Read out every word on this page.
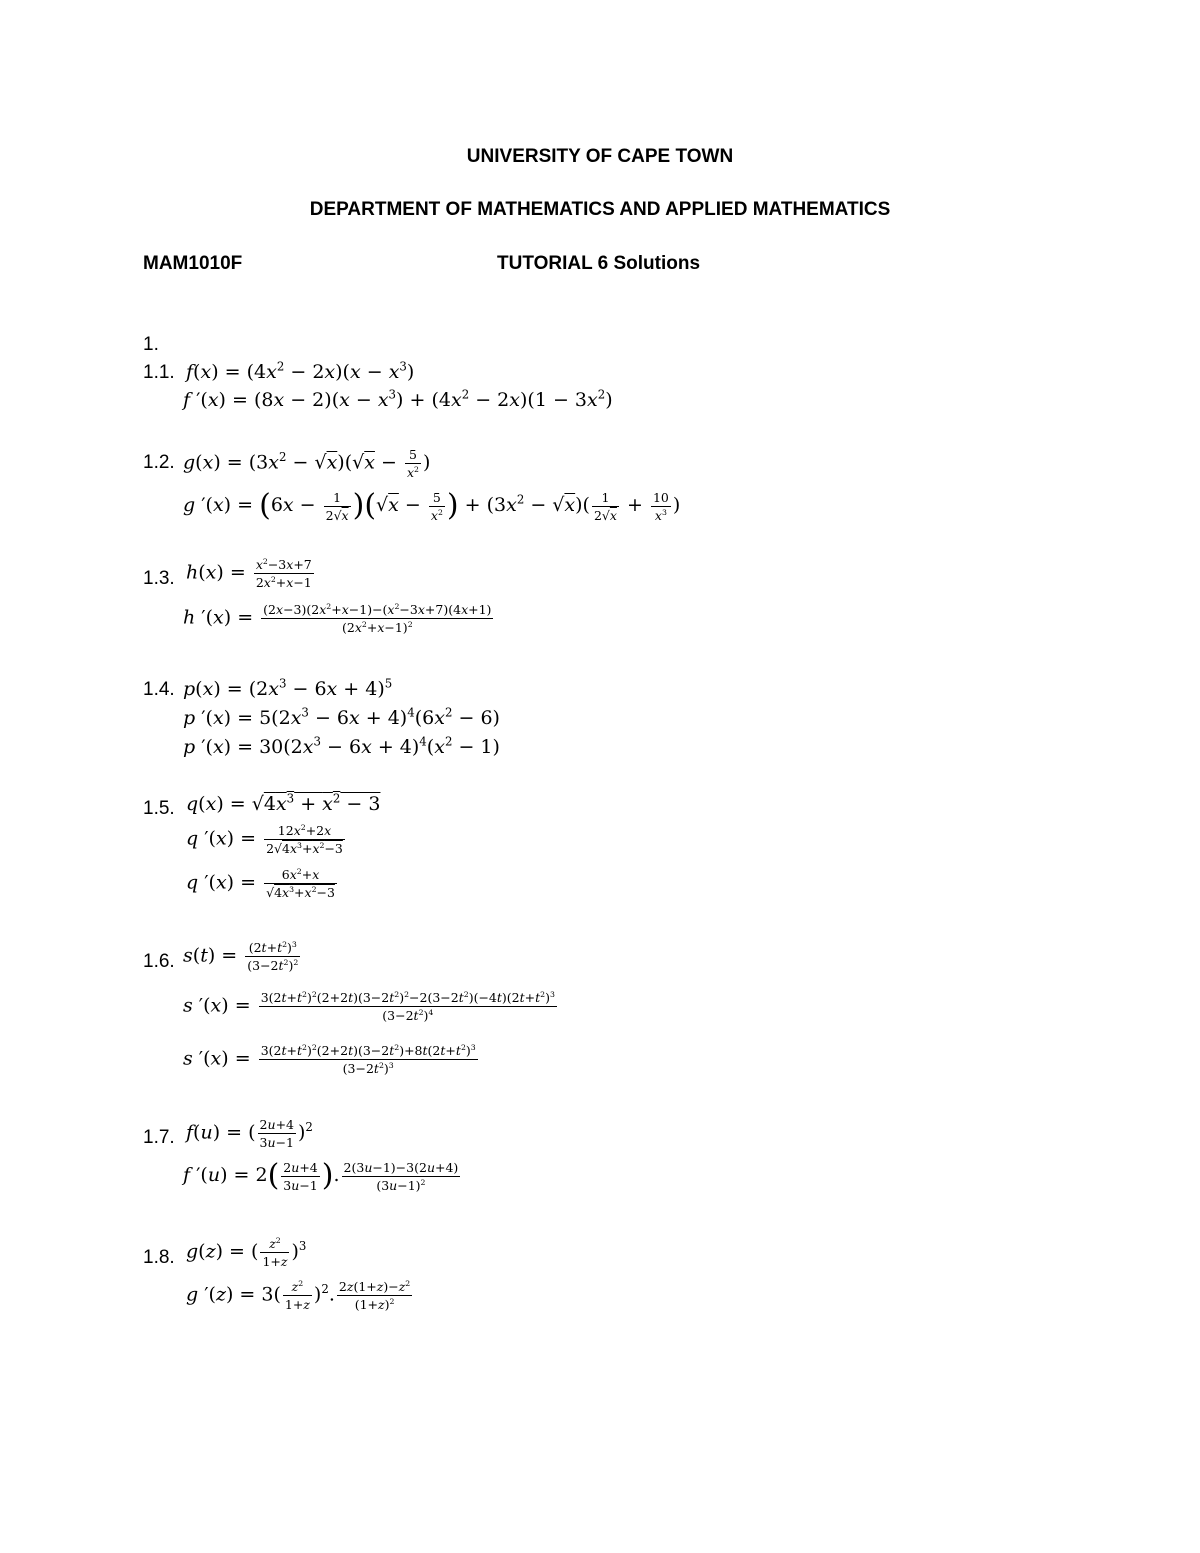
UNIVERSITY OF CAPE TOWN
DEPARTMENT OF MATHEMATICS AND APPLIED MATHEMATICS
MAM1010F	TUTORIAL 6 Solutions
1.
1.1. $f(x) = (4x^2 - 2x)(x - x^3)$
f $'(x) = (8x - 2)(x - x^3) + (4x^2 - 2x)(1 - 3x^2)$
1.2. $g(x) = (3x^2 - √x)(√x - \frac{5}{x^2}$ )
g $'(x) = (6x - \frac{1}{2√x} )(√x - \frac{5}{x^2}$ ) + $(3x^2 - √x)( \frac{1}{2√x} + \frac{10}{x^3}$ )
1.3. $h(x) = \frac{x^2-3x+7}{2x^2+x-1}$
h $'(x) = \frac{(2x-3)(2x^2+x-1)-(x^2-3x+7)(4x+1)}{(2x^2+x-1)^2}$
1.4. $p(x) = (2x^3 - 6x + 4)^5$
p $'(x) = 5(2x^3 - 6x + 4)^4(6x^2 - 6)$
p $'(x) = 30(2x^3 - 6x + 4)^4(x^2 - 1)$
1.5. $q(x) = √4x^3 + x^2 - 3$
q $'(x) = \frac{12x^2+2x}{2√4x^3+x^2-3}$
q $'(x) = \frac{6x^2+x}{√4x^3+x^2-3}$
1.6. $s(t) = \frac{(2t+t^2)^3}{(3-2t^2)^2}$
s $'(x) = \frac{3(2t+t^2)^2(2+2t)(3-2t^2)^2-2(3-2t^2)(-4t)(2t+t^2)^3}{(3-2t^2)^4}$
s $'(x) = \frac{3(2t+t^2)^2(2+2t)(3-2t^2)+8t(2t+t^2)^3}{(3-2t^2)^3}$
1.7. f(u) = ( $\frac{2u+4}{3u-1} )^2$
f $'(u) = 2( \frac{2u+4}{3u-1}$ ). $\frac{2(3u-1)-3(2u+4)}{(3u-1)^2}$
1.8. g(z) = ( $\frac{z^2}{1+z} )^3$
g $'(z) = 3( \frac{z^2}{1+z} )^2$. $\frac{2z(1+z)-z^2}{(1+z)^2}$
